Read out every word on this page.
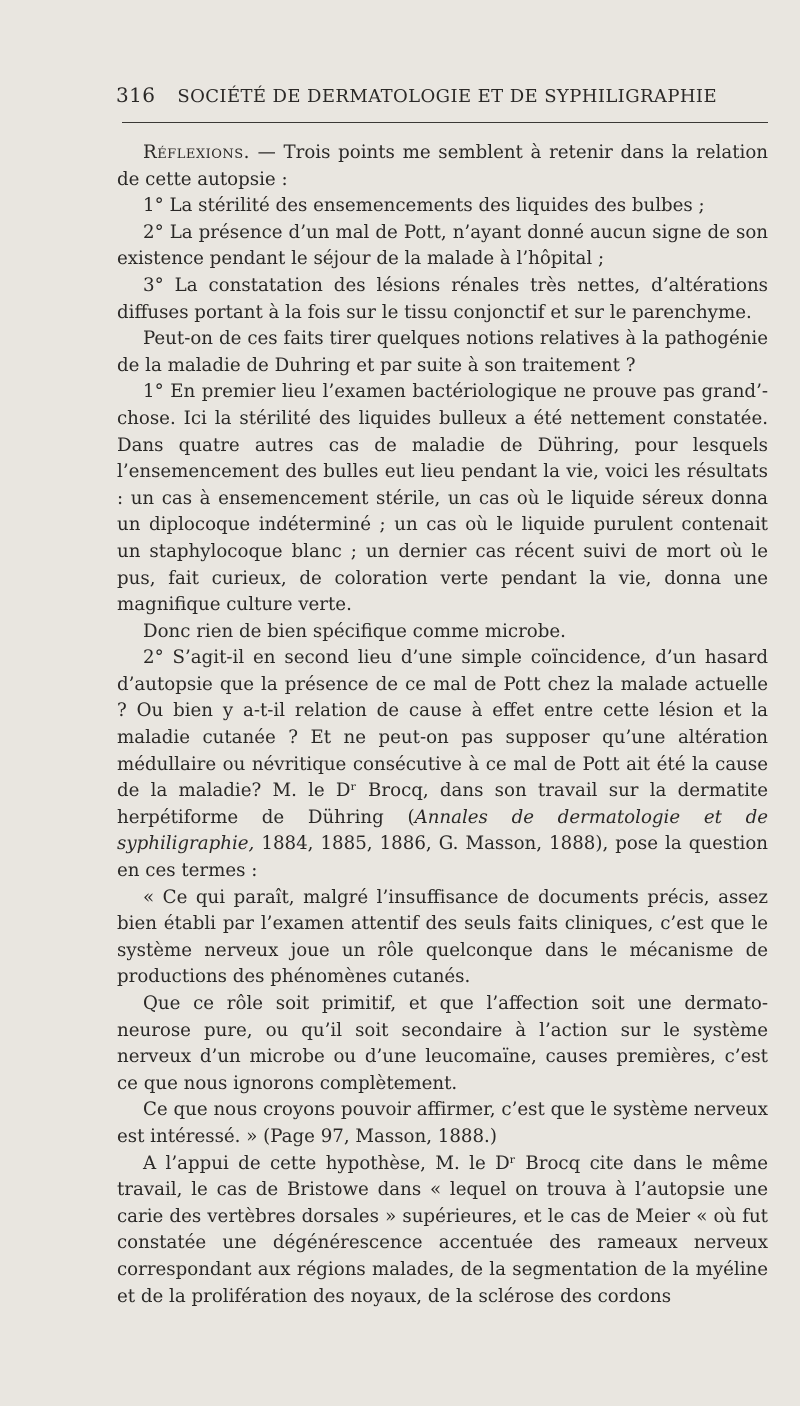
316 SOCIÉTÉ DE DERMATOLOGIE ET DE SYPHILIGRAPHIE

Réflexions. — Trois points me semblent à retenir dans la relation de cette autopsie :

1° La stérilité des ensemencements des liquides des bulbes ;

2° La présence d’un mal de Pott, n’ayant donné aucun signe de son existence pendant le séjour de la malade à l’hôpital ;

3° La constatation des lésions rénales très nettes, d’altérations diffuses portant à la fois sur le tissu conjonctif et sur le parenchyme.

Peut-on de ces faits tirer quelques notions relatives à la pathogénie de la maladie de Duhring et par suite à son traitement ?

1° En premier lieu l’examen bactériologique ne prouve pas grand’-chose. Ici la stérilité des liquides bulleux a été nettement constatée. Dans quatre autres cas de maladie de Dühring, pour lesquels l’ensemencement des bulles eut lieu pendant la vie, voici les résultats : un cas à ensemencement stérile, un cas où le liquide séreux donna un diplocoque indéterminé ; un cas où le liquide purulent contenait un staphylocoque blanc ; un dernier cas récent suivi de mort où le pus, fait curieux, de coloration verte pendant la vie, donna une magnifique culture verte.

Donc rien de bien spécifique comme microbe.

2° S’agit-il en second lieu d’une simple coïncidence, d’un hasard d’autopsie que la présence de ce mal de Pott chez la malade actuelle ? Ou bien y a-t-il relation de cause à effet entre cette lésion et la maladie cutanée ? Et ne peut-on pas supposer qu’une altération médullaire ou névritique consécutive à ce mal de Pott ait été la cause de la maladie? M. le Dʳ Brocq, dans son travail sur la dermatite herpétiforme de Dühring (Annales de dermatologie et de syphiligraphie, 1884, 1885, 1886, G. Masson, 1888), pose la question en ces termes :

« Ce qui paraît, malgré l’insuffisance de documents précis, assez bien établi par l’examen attentif des seuls faits cliniques, c’est que le système nerveux joue un rôle quelconque dans le mécanisme de productions des phénomènes cutanés.

Que ce rôle soit primitif, et que l’affection soit une dermato-neurose pure, ou qu’il soit secondaire à l’action sur le système nerveux d’un microbe ou d’une leucomaïne, causes premières, c’est ce que nous ignorons complètement.

Ce que nous croyons pouvoir affirmer, c’est que le système nerveux est intéressé. » (Page 97, Masson, 1888.)

A l’appui de cette hypothèse, M. le Dʳ Brocq cite dans le même travail, le cas de Bristowe dans « lequel on trouva à l’autopsie une carie des vertèbres dorsales » supérieures, et le cas de Meier « où fut constatée une dégénérescence accentuée des rameaux nerveux correspondant aux régions malades, de la segmentation de la myéline et de la prolifération des noyaux, de la sclérose des cordons
